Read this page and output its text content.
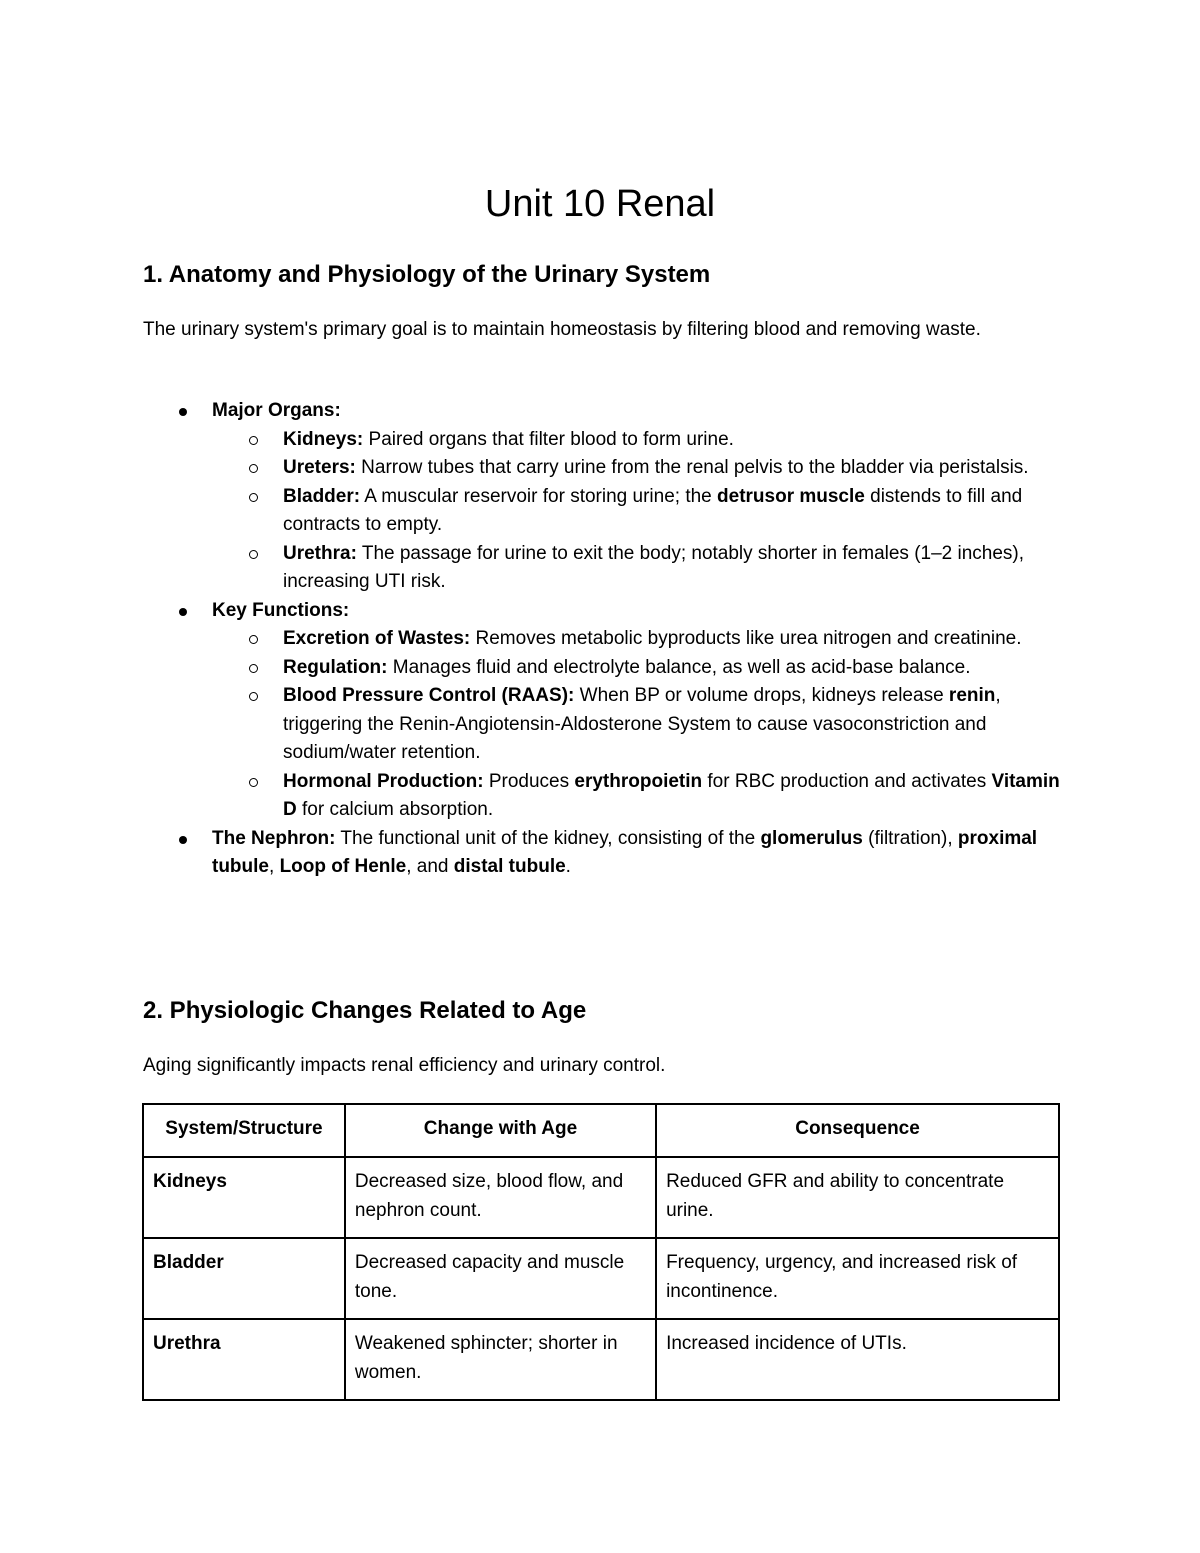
Unit 10 Renal
1. Anatomy and Physiology of the Urinary System

The urinary system's primary goal is to maintain homeostasis by filtering blood and removing waste.

Major Organs:
Kidneys: Paired organs that filter blood to form urine.
Ureters: Narrow tubes that carry urine from the renal pelvis to the bladder via peristalsis.
Bladder: A muscular reservoir for storing urine; the detrusor muscle distends to fill and contracts to empty.
Urethra: The passage for urine to exit the body; notably shorter in females (1–2 inches), increasing UTI risk.
Key Functions:
Excretion of Wastes: Removes metabolic byproducts like urea nitrogen and creatinine.
Regulation: Manages fluid and electrolyte balance, as well as acid-base balance.
Blood Pressure Control (RAAS): When BP or volume drops, kidneys release renin, triggering the Renin-Angiotensin-Aldosterone System to cause vasoconstriction and sodium/water retention.
Hormonal Production: Produces erythropoietin for RBC production and activates Vitamin D for calcium absorption.
The Nephron: The functional unit of the kidney, consisting of the glomerulus (filtration), proximal tubule, Loop of Henle, and distal tubule.
2. Physiologic Changes Related to Age

Aging significantly impacts renal efficiency and urinary control.

System/Structure	Change with Age	Consequence
Kidneys	Decreased size, blood flow, and nephron count.	Reduced GFR and ability to concentrate urine.
Bladder	Decreased capacity and muscle tone.	Frequency, urgency, and increased risk of incontinence.
Urethra	Weakened sphincter; shorter in women.	Increased incidence of UTIs.
